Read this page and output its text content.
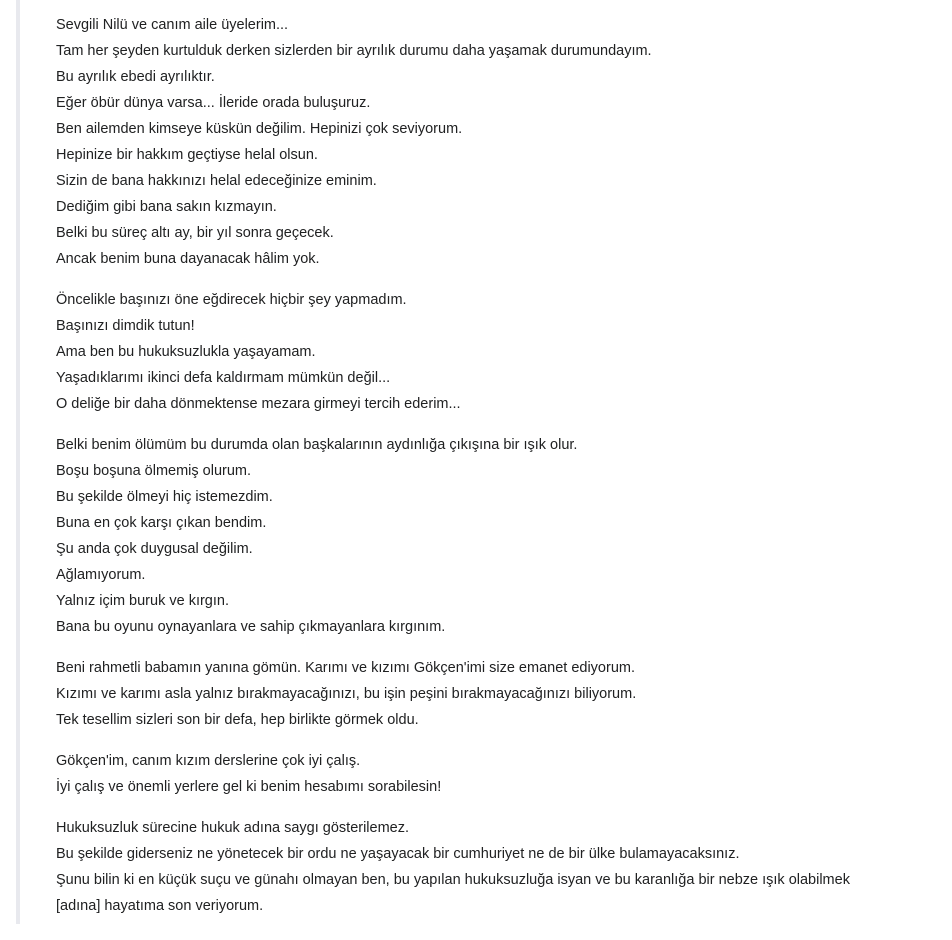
Sevgili Nilü ve canım aile üyelerim...
Tam her şeyden kurtulduk derken sizlerden bir ayrılık durumu daha yaşamak durumundayım.
Bu ayrılık ebedi ayrılıktır.
Eğer öbür dünya varsa... İleride orada buluşuruz.
Ben ailemden kimseye küskün değilim. Hepinizi çok seviyorum.
Hepinize bir hakkım geçtiyse helal olsun.
Sizin de bana hakkınızı helal edeceğinize eminim.
Dediğim gibi bana sakın kızmayın.
Belki bu süreç altı ay, bir yıl sonra geçecek.
Ancak benim buna dayanacak hâlim yok.

Öncelikle başınızı öne eğdirecek hiçbir şey yapmadım.
Başınızı dimdik tutun!
Ama ben bu hukuksuzlukla yaşayamam.
Yaşadıklarımı ikinci defa kaldırmam mümkün değil...
O deliğe bir daha dönmektense mezara girmeyi tercih ederim...

Belki benim ölümüm bu durumda olan başkalarının aydınlığa çıkışına bir ışık olur.
Boşu boşuna ölmemiş olurum.
Bu şekilde ölmeyi hiç istemezdim.
Buna en çok karşı çıkan bendim.
Şu anda çok duygusal değilim.
Ağlamıyorum.
Yalnız içim buruk ve kırgın.
Bana bu oyunu oynayanlara ve sahip çıkmayanlara kırgınım.

Beni rahmetli babamın yanına gömün. Karımı ve kızımı Gökçen'imi size emanet ediyorum.
Kızımı ve karımı asla yalnız bırakmayacağınızı, bu işin peşini bırakmayacağınızı biliyorum.
Tek tesellim sizleri son bir defa, hep birlikte görmek oldu.

Gökçen'im, canım kızım derslerine çok iyi çalış.
İyi çalış ve önemli yerlere gel ki benim hesabımı sorabilesin!

Hukuksuzluk sürecine hukuk adına saygı gösterilemez.
Bu şekilde giderseniz ne yönetecek bir ordu ne yaşayacak bir cumhuriyet ne de bir ülke bulamayacaksınız.
Şunu bilin ki en küçük suçu ve günahı olmayan ben, bu yapılan hukuksuzluğa isyan ve bu karanlığa bir nebze ışık olabilmek
[adına] hayatıma son veriyorum.
